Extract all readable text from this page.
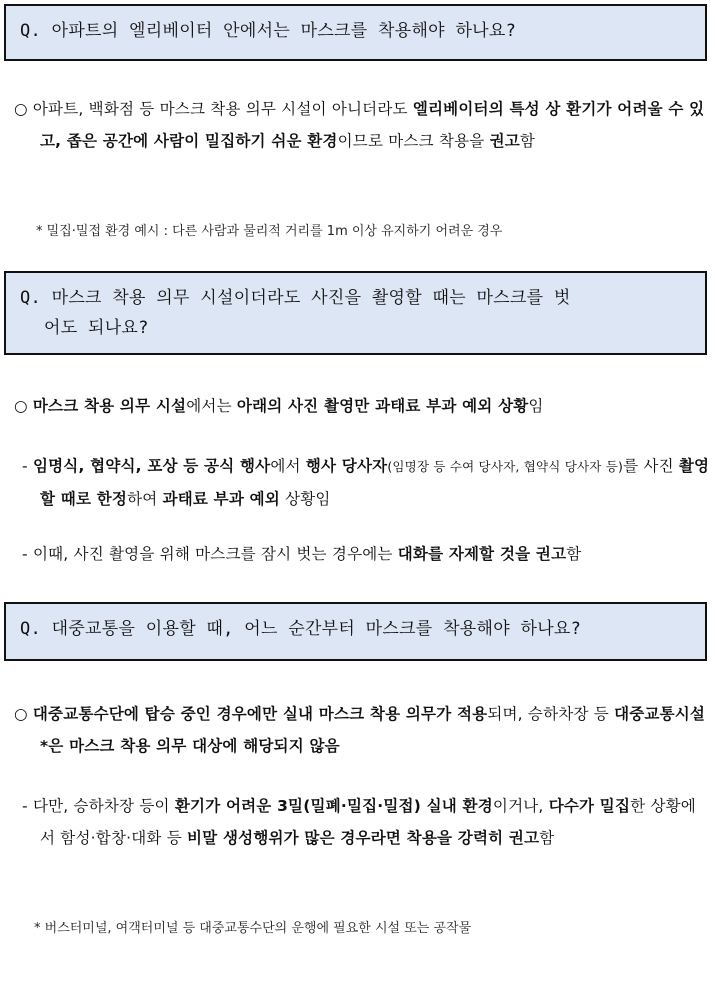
Q. 아파트의 엘리베이터 안에서는 마스크를 착용해야 하나요?
○ 아파트, 백화점 등 마스크 착용 의무 시설이 아니더라도 엘리베이터의 특성 상 환기가 어려울 수 있고, 좁은 공간에 사람이 밀집하기 쉬운 환경이므로 마스크 착용을 권고함
* 밀집·밀접 환경 예시 : 다른 사람과 물리적 거리를 1m 이상 유지하기 어려운 경우
Q. 마스크 착용 의무 시설이더라도 사진을 촬영할 때는 마스크를 벗
어도 되나요?
○ 마스크 착용 의무 시설에서는 아래의 사진 촬영만 과태료 부과 예외 상황임
- 임명식, 협약식, 포상 등 공식 행사에서 행사 당사자(임명장 등 수여 당사자, 협약식 당사자 등)를 사진 촬영 할 때로 한정하여 과태료 부과 예외 상황임
- 이때, 사진 촬영을 위해 마스크를 잠시 벗는 경우에는 대화를 자제할 것을 권고함
Q. 대중교통을 이용할 때, 어느 순간부터 마스크를 착용해야 하나요?
○ 대중교통수단에 탑승 중인 경우에만 실내 마스크 착용 의무가 적용되며, 승하차장 등 대중교통시설*은 마스크 착용 의무 대상에 해당되지 않음
- 다만, 승하차장 등이 환기가 어려운 3밀(밀폐·밀집·밀접) 실내 환경이거나, 다수가 밀집한 상황에서 함성·합창·대화 등 비말 생성행위가 많은 경우라면 착용을 강력히 권고함
* 버스터미널, 여객터미널 등 대중교통수단의 운행에 필요한 시설 또는 공작물
